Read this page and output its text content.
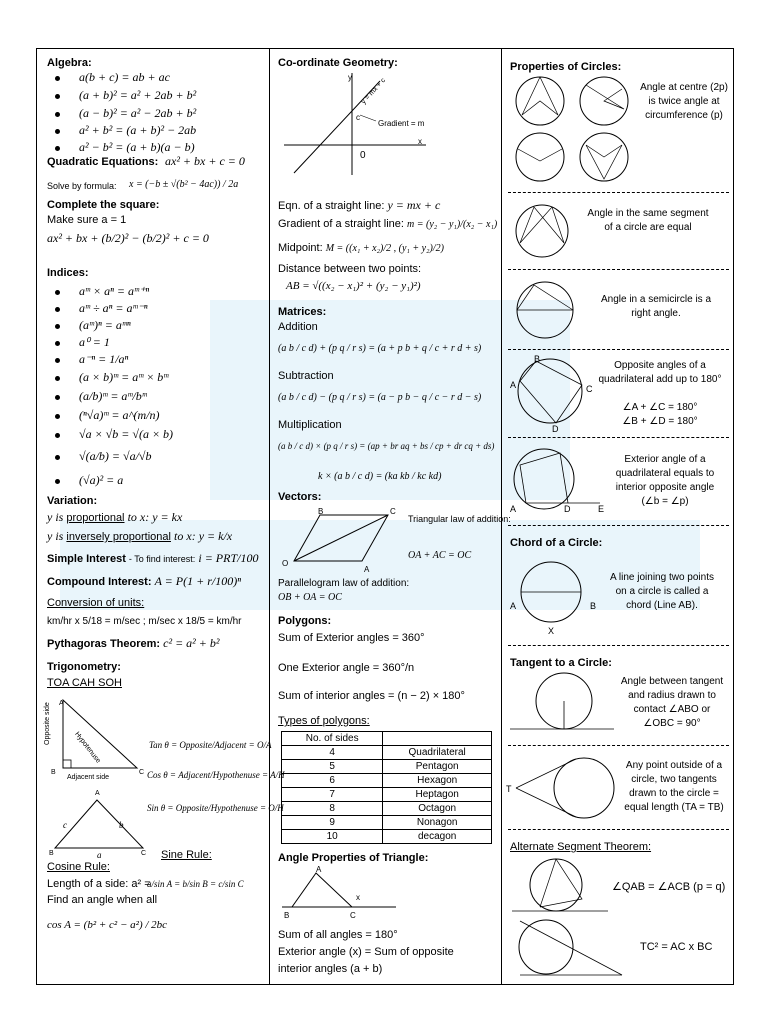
Algebra:
a(b + c) = ab + ac
(a + b)² = a² + 2ab + b²
(a − b)² = a² − 2ab + b²
a² + b² = (a + b)² − 2ab
a² − b² = (a + b)(a − b)
Quadratic Equations: ax² + bx + c = 0
Solve by formula: x = (−b ± √(b² − 4ac)) / 2a
Complete the square:
Make sure a = 1
ax² + bx + (b/2)² − (b/2)² + c = 0
Indices:
aᵐ × aⁿ = aᵐ⁺ⁿ
aᵐ ÷ aⁿ = aᵐ⁻ⁿ
(aᵐ)ⁿ = aᵐⁿ
a⁰ = 1
a⁻ⁿ = 1/aⁿ
(a × b)ᵐ = aᵐ × bᵐ
(a/b)ᵐ = aᵐ/bᵐ
(ⁿ√a)ᵐ = a^(m/n)
√a × √b = √(a × b)
√(a/b) = √a/√b
(√a)² = a
Variation:
y is proportional to x: y = kx
y is inversely proportional to x: y = k/x
Simple Interest - To find interest: i = PRT/100
Compound Interest: A = P(1 + r/100)ⁿ
Conversion of units:
km/hr x 5/18 = m/sec ; m/sec x 18/5 = km/hr
Pythagoras Theorem: c² = a² + b²
Trigonometry:
TOA CAH SOH
Opposite side
Hypotenuse
Adjacent side
B	C
A
Tan θ = Opposite/Adjacent = O/A
Cos θ = Adjacent/Hypothenuse = A/H
Sin θ = Opposite/Hypothenuse = O/H
A
B	C
b
c
a
Cosine Rule:
Length of a side: a² =
Find an angle when all
cos A = (b² + c² − a²) / 2bc
Sine Rule:
a/sin A = b/sin B = c/sin C
Co-ordinate Geometry:
y
x
y = mx + c
c
Gradient = m
0
Eqn. of a straight line: y = mx + c
Gradient of a straight line: m = (y₂ − y₁)/(x₂ − x₁)
Midpoint: M = ((x₁ + x₂)/2 , (y₁ + y₂)/2)
Distance between two points:
AB = √((x₂ − x₁)² + (y₂ − y₁)²)
Matrices:
Addition
(a b / c d) + (p q / r s) = (a + p b + q / c + r d + s)
Subtraction
(a b / c d) − (p q / r s) = (a − p b − q / c − r d − s)
Multiplication
(a b / c d) × (p q / r s) = (ap + br aq + bs / cp + dr cq + ds)
k × (a b / c d) = (ka kb / kc kd)
Vectors:
O
B	C
A
Triangular law of addition:
OA + AC = OC
Parallelogram law of addition:
OB + OA = OC
Polygons:
Sum of Exterior angles = 360°
One Exterior angle = 360°/n
Sum of interior angles = (n − 2) × 180°
Types of polygons:
No. of sides	
4	Quadrilateral
5	Pentagon
6	Hexagon
7	Heptagon
8	Octagon
9	Nonagon
10	decagon
Angle Properties of Triangle:
A
B	C
x
Sum of all angles = 180°
Exterior angle (x) = Sum of opposite
interior angles (a + b)
Properties of Circles:
Angle at centre (2p) is twice angle at circumference (p)
Angle in the same segment of a circle are equal
Angle in a semicircle is a right angle.
B
A	C
D
Opposite angles of a quadrilateral add up to 180°
∠A + ∠C = 180°
∠B + ∠D = 180°
A	D	E
Exterior angle of a quadrilateral equals to interior opposite angle (∠b = ∠p)
Chord of a Circle:
A	B
X
A line joining two points on a circle is called a chord (Line AB).
Tangent to a Circle:
Angle between tangent and radius drawn to contact ∠ABO or ∠OBC = 90°
T
Any point outside of a circle, two tangents drawn to the circle = equal length (TA = TB)
Alternate Segment Theorem:
∠QAB = ∠ACB (p = q)
TC² = AC x BC
